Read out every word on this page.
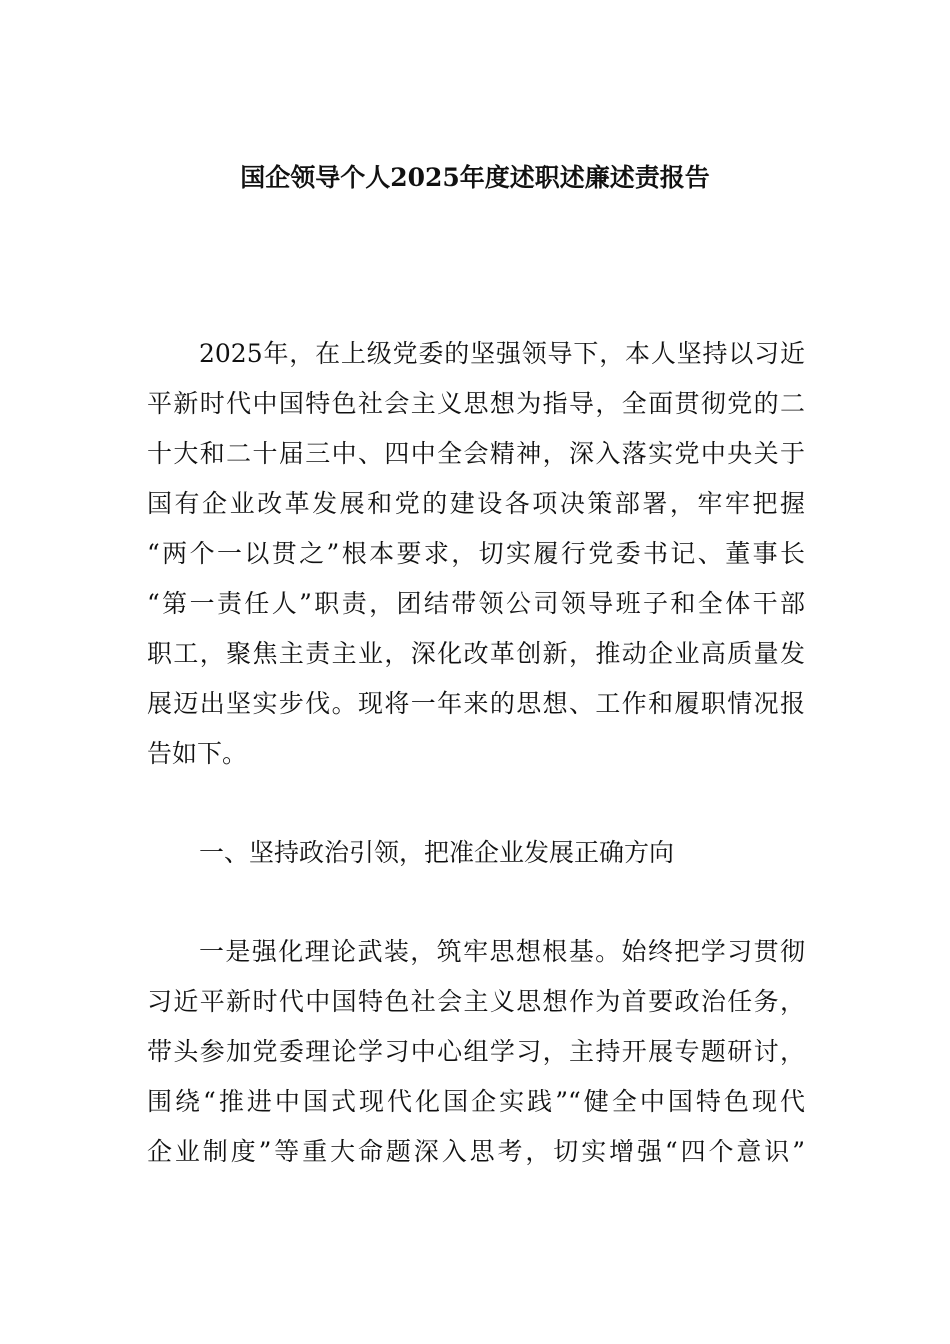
国企领导个人2025年度述职述廉述责报告
2025年，在上级党委的坚强领导下，本人坚持以习近
平新时代中国特色社会主义思想为指导，全面贯彻党的二
十大和二十届三中、四中全会精神，深入落实党中央关于
国有企业改革发展和党的建设各项决策部署，牢牢把握
“两个一以贯之”根本要求，切实履行党委书记、董事长
“第一责任人”职责，团结带领公司领导班子和全体干部
职工，聚焦主责主业，深化改革创新，推动企业高质量发
展迈出坚实步伐。现将一年来的思想、工作和履职情况报
告如下。
一、坚持政治引领，把准企业发展正确方向
一是强化理论武装，筑牢思想根基。始终把学习贯彻
习近平新时代中国特色社会主义思想作为首要政治任务，
带头参加党委理论学习中心组学习，主持开展专题研讨，
围绕“推进中国式现代化国企实践”“健全中国特色现代
企业制度”等重大命题深入思考，切实增强“四个意识”
